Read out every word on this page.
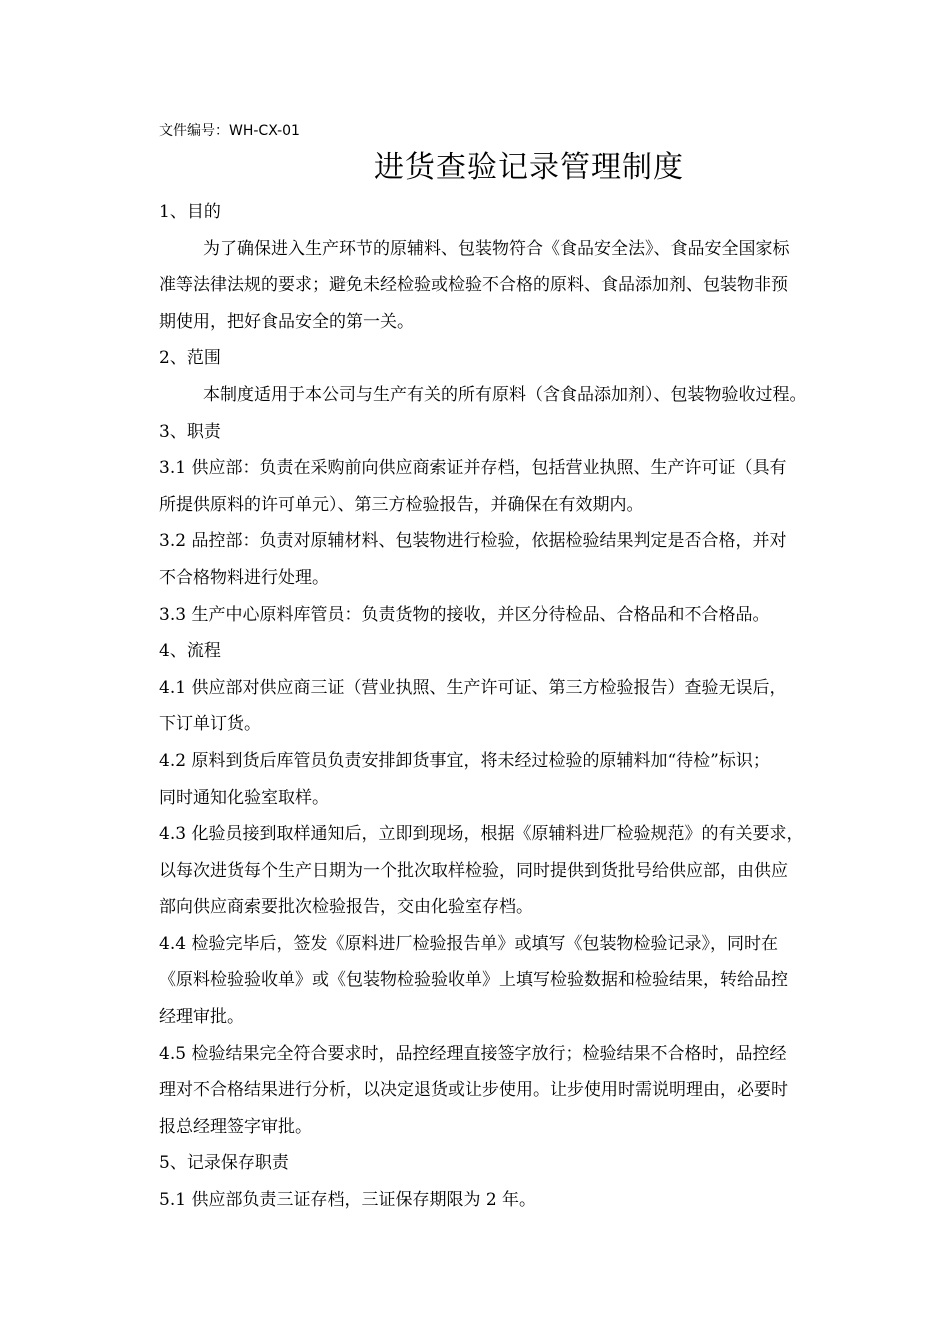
文件编号：WH-CX-01
进货查验记录管理制度
1、目的
为了确保进入生产环节的原辅料、包装物符合《食品安全法》、食品安全国家标
准等法律法规的要求；避免未经检验或检验不合格的原料、食品添加剂、包装物非预
期使用，把好食品安全的第一关。
2、范围
本制度适用于本公司与生产有关的所有原料（含食品添加剂）、包装物验收过程。
3、职责
3.1 供应部：负责在采购前向供应商索证并存档，包括营业执照、生产许可证（具有
所提供原料的许可单元）、第三方检验报告，并确保在有效期内。
3.2 品控部：负责对原辅材料、包装物进行检验，依据检验结果判定是否合格，并对
不合格物料进行处理。
3.3 生产中心原料库管员：负责货物的接收，并区分待检品、合格品和不合格品。
4、流程
4.1 供应部对供应商三证（营业执照、生产许可证、第三方检验报告）查验无误后，
下订单订货。
4.2 原料到货后库管员负责安排卸货事宜，将未经过检验的原辅料加“待检”标识；
同时通知化验室取样。
4.3 化验员接到取样通知后，立即到现场，根据《原辅料进厂检验规范》的有关要求，
以每次进货每个生产日期为一个批次取样检验，同时提供到货批号给供应部，由供应
部向供应商索要批次检验报告，交由化验室存档。
4.4 检验完毕后，签发《原料进厂检验报告单》或填写《包装物检验记录》，同时在
《原料检验验收单》或《包装物检验验收单》上填写检验数据和检验结果，转给品控
经理审批。
4.5 检验结果完全符合要求时，品控经理直接签字放行；检验结果不合格时，品控经
理对不合格结果进行分析，以决定退货或让步使用。让步使用时需说明理由，必要时
报总经理签字审批。
5、记录保存职责
5.1 供应部负责三证存档，三证保存期限为 2 年。
